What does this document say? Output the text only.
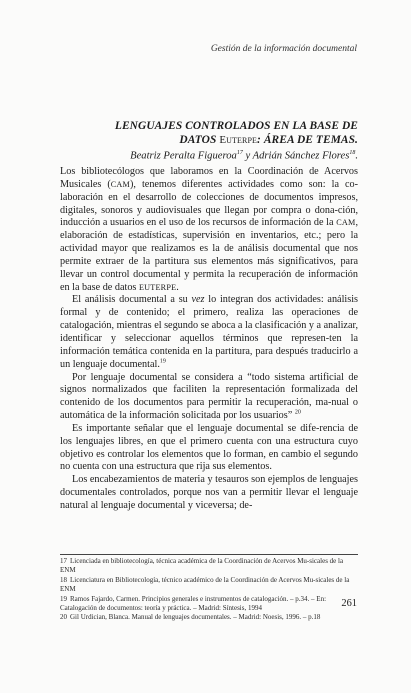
Gestión de la información documental
LENGUAJES CONTROLADOS EN LA BASE DE
DATOS Euterpe: ÁREA DE TEMAS.
Beatriz Peralta Figueroa$^{17}$ y Adrián Sánchez Flores$^{18}$.

Los bibliotecólogos que laboramos en la Coordinación de Acervos Musicales (CAM), tenemos diferentes actividades como son: la co-laboración en el desarrollo de colecciones de documentos impresos, digitales, sonoros y audiovisuales que llegan por compra o dona-ción, inducción a usuarios en el uso de los recursos de información de la CAM, elaboración de estadísticas, supervisión en inventarios, etc.; pero la actividad mayor que realizamos es la de análisis documental que nos permite extraer de la partitura sus elementos más significativos, para llevar un control documental y permita la recuperación de información en la base de datos EUTERPE.

El análisis documental a su vez lo integran dos actividades: análisis formal y de contenido; el primero, realiza las operaciones de catalogación, mientras el segundo se aboca a la clasificación y a analizar, identificar y seleccionar aquellos términos que represen-ten la información temática contenida en la partitura, para después traducirlo a un lenguaje documental.$^{19}$

Por lenguaje documental se considera a “todo sistema artificial de signos normalizados que faciliten la representación formalizada del contenido de los documentos para permitir la recuperación, ma-nual o automática de la información solicitada por los usuarios” $^{20}$

Es importante señalar que el lenguaje documental se dife-rencia de los lenguajes libres, en que el primero cuenta con una estructura cuyo objetivo es controlar los elementos que lo forman, en cambio el segundo no cuenta con una estructura que rija sus elementos.

Los encabezamientos de materia y tesauros son ejemplos de lenguajes documentales controlados, porque nos van a permitir llevar el lenguaje natural al lenguaje documental y viceversa; de-

17 Licenciada en bibliotecología, técnica académica de la Coordinación de Acervos Mu-sicales de la ENM
18 Licenciatura en Bibliotecología, técnico académico de la Coordinación de Acervos Mu-sicales de la ENM
19 Ramos Fajardo, Carmen. Principios generales e instrumentos de catalogación. – p.34. – En: Catalogación de documentos: teoría y práctica. – Madrid: Síntesis, 1994
20 Gil Urdician, Blanca. Manual de lenguajes documentales. – Madrid: Noesis, 1996. – p.18
261
